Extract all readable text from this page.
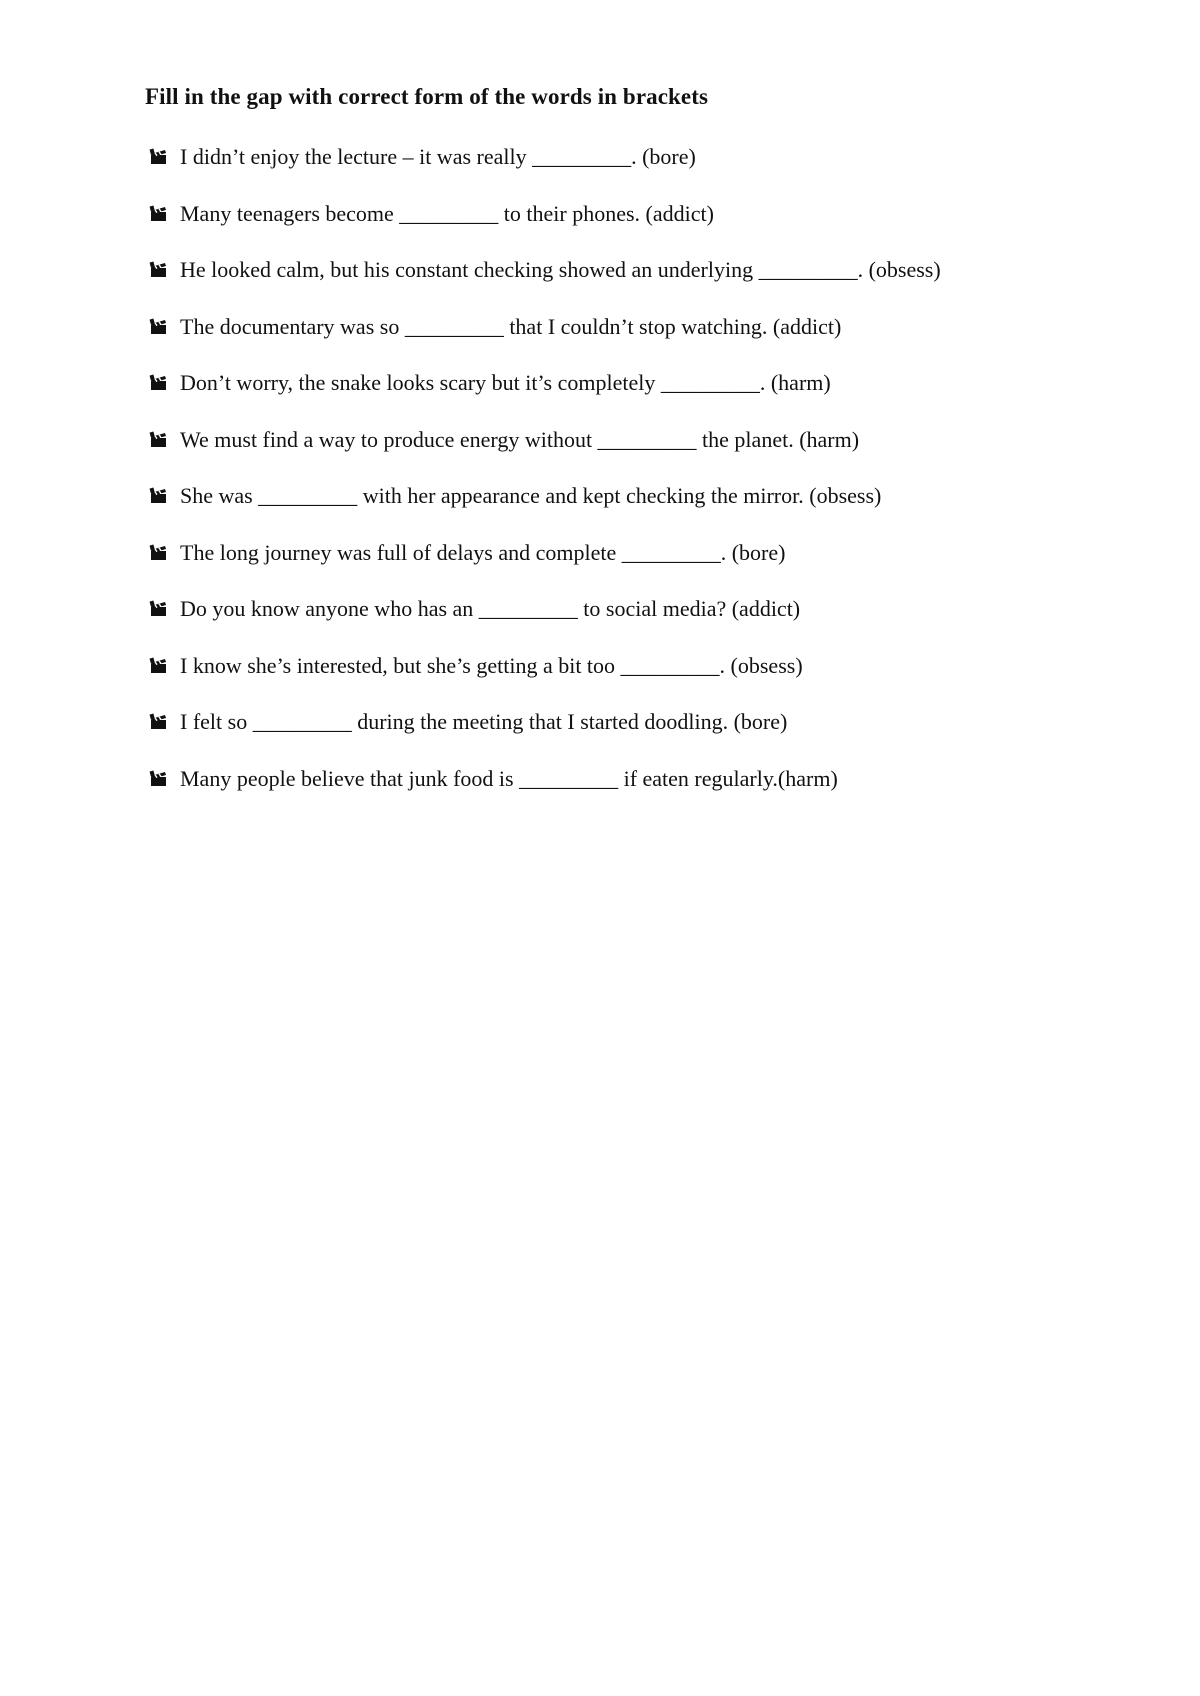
Fill in the gap with correct form of the words in brackets
I didn’t enjoy the lecture – it was really _________. (bore)
Many teenagers become _________ to their phones. (addict)
He looked calm, but his constant checking showed an underlying _________. (obsess)
The documentary was so _________ that I couldn’t stop watching. (addict)
Don’t worry, the snake looks scary but it’s completely _________. (harm)
We must find a way to produce energy without _________ the planet. (harm)
She was _________ with her appearance and kept checking the mirror. (obsess)
The long journey was full of delays and complete _________. (bore)
Do you know anyone who has an _________ to social media? (addict)
I know she’s interested, but she’s getting a bit too _________. (obsess)
I felt so _________ during the meeting that I started doodling. (bore)
Many people believe that junk food is _________ if eaten regularly.(harm)
